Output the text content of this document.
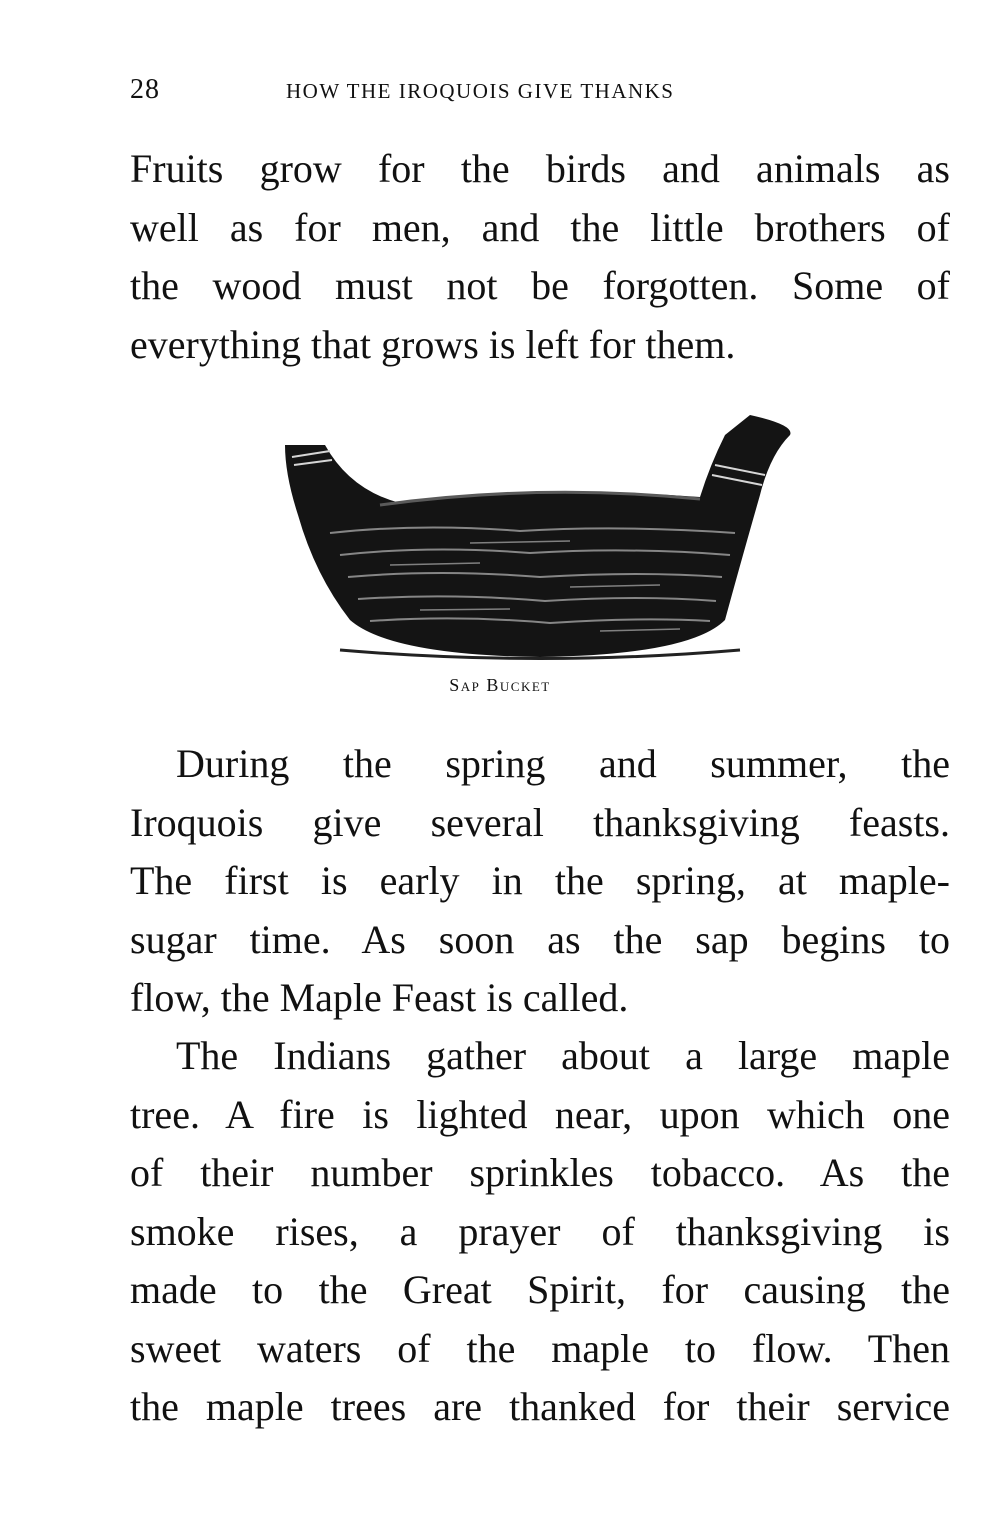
28	HOW THE IROQUOIS GIVE THANKS
Fruits grow for the birds and animals as
well as for men, and the little brothers of
the wood must not be forgotten. Some of
everything that grows is left for them.
Sap Bucket
During the spring and summer, the
Iroquois give several thanksgiving feasts.
The first is early in the spring, at maple-
sugar time. As soon as the sap begins to
flow, the Maple Feast is called.
The Indians gather about a large maple
tree. A fire is lighted near, upon which one
of their number sprinkles tobacco. As the
smoke rises, a prayer of thanksgiving is
made to the Great Spirit, for causing the
sweet waters of the maple to flow. Then
the maple trees are thanked for their service
